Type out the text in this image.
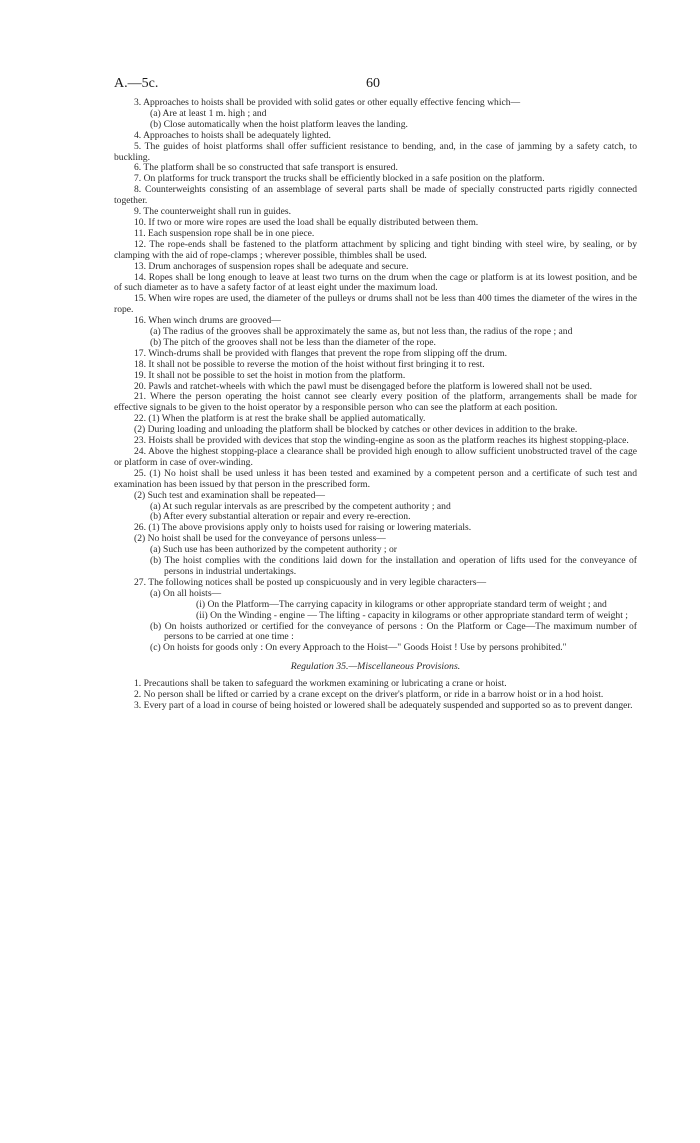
A.—5c.	60

3. Approaches to hoists shall be provided with solid gates or other equally effective fencing which—

(a) Are at least 1 m. high ; and

(b) Close automatically when the hoist platform leaves the landing.

4. Approaches to hoists shall be adequately lighted.

5. The guides of hoist platforms shall offer sufficient resistance to bending, and, in the case of jamming by a safety catch, to buckling.

6. The platform shall be so constructed that safe transport is ensured.

7. On platforms for truck transport the trucks shall be efficiently blocked in a safe position on the platform.

8. Counterweights consisting of an assemblage of several parts shall be made of specially constructed parts rigidly connected together.

9. The counterweight shall run in guides.

10. If two or more wire ropes are used the load shall be equally distributed between them.

11. Each suspension rope shall be in one piece.

12. The rope-ends shall be fastened to the platform attachment by splicing and tight binding with steel wire, by sealing, or by clamping with the aid of rope-clamps ; wherever possible, thimbles shall be used.

13. Drum anchorages of suspension ropes shall be adequate and secure.

14. Ropes shall be long enough to leave at least two turns on the drum when the cage or platform is at its lowest position, and be of such diameter as to have a safety factor of at least eight under the maximum load.

15. When wire ropes are used, the diameter of the pulleys or drums shall not be less than 400 times the diameter of the wires in the rope.

16. When winch drums are grooved—

(a) The radius of the grooves shall be approximately the same as, but not less than, the radius of the rope ; and

(b) The pitch of the grooves shall not be less than the diameter of the rope.

17. Winch-drums shall be provided with flanges that prevent the rope from slipping off the drum.

18. It shall not be possible to reverse the motion of the hoist without first bringing it to rest.

19. It shall not be possible to set the hoist in motion from the platform.

20. Pawls and ratchet-wheels with which the pawl must be disengaged before the platform is lowered shall not be used.

21. Where the person operating the hoist cannot see clearly every position of the platform, arrangements shall be made for effective signals to be given to the hoist operator by a responsible person who can see the platform at each position.

22. (1) When the platform is at rest the brake shall be applied automatically.

(2) During loading and unloading the platform shall be blocked by catches or other devices in addition to the brake.

23. Hoists shall be provided with devices that stop the winding-engine as soon as the platform reaches its highest stopping-place.

24. Above the highest stopping-place a clearance shall be provided high enough to allow sufficient unobstructed travel of the cage or platform in case of over-winding.

25. (1) No hoist shall be used unless it has been tested and examined by a competent person and a certificate of such test and examination has been issued by that person in the prescribed form.

(2) Such test and examination shall be repeated—

(a) At such regular intervals as are prescribed by the competent authority ; and

(b) After every substantial alteration or repair and every re-erection.

26. (1) The above provisions apply only to hoists used for raising or lowering materials.

(2) No hoist shall be used for the conveyance of persons unless—

(a) Such use has been authorized by the competent authority ; or

(b) The hoist complies with the conditions laid down for the installation and operation of lifts used for the conveyance of persons in industrial undertakings.

27. The following notices shall be posted up conspicuously and in very legible characters—

(a) On all hoists—

(i) On the Platform—The carrying capacity in kilograms or other appropriate standard term of weight ; and

(ii) On the Winding - engine — The lifting - capacity in kilograms or other appropriate standard term of weight ;

(b) On hoists authorized or certified for the conveyance of persons : On the Platform or Cage—The maximum number of persons to be carried at one time :

(c) On hoists for goods only : On every Approach to the Hoist—" Goods Hoist ! Use by persons prohibited."

Regulation 35.—Miscellaneous Provisions.

1. Precautions shall be taken to safeguard the workmen examining or lubricating a crane or hoist.

2. No person shall be lifted or carried by a crane except on the driver's platform, or ride in a barrow hoist or in a hod hoist.

3. Every part of a load in course of being hoisted or lowered shall be adequately suspended and supported so as to prevent danger.
